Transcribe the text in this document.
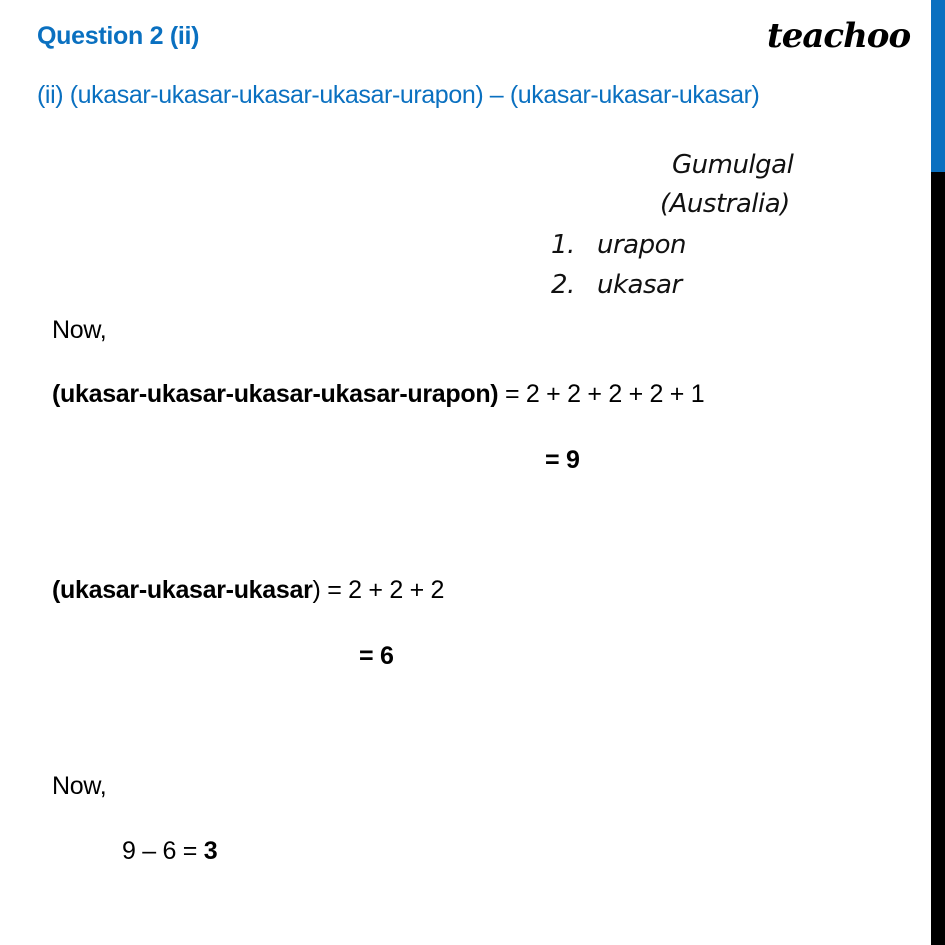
Question 2 (ii)	teachoo
(ii) (ukasar-ukasar-ukasar-ukasar-urapon) – (ukasar-ukasar-ukasar)
Gumulgal
(Australia)
1. urapon
2. ukasar
Now,
(ukasar-ukasar-ukasar-ukasar-urapon) = 2 + 2 + 2 + 2 + 1
= 9
(ukasar-ukasar-ukasar) = 2 + 2 + 2
= 6
Now,
9 – 6 = 3
